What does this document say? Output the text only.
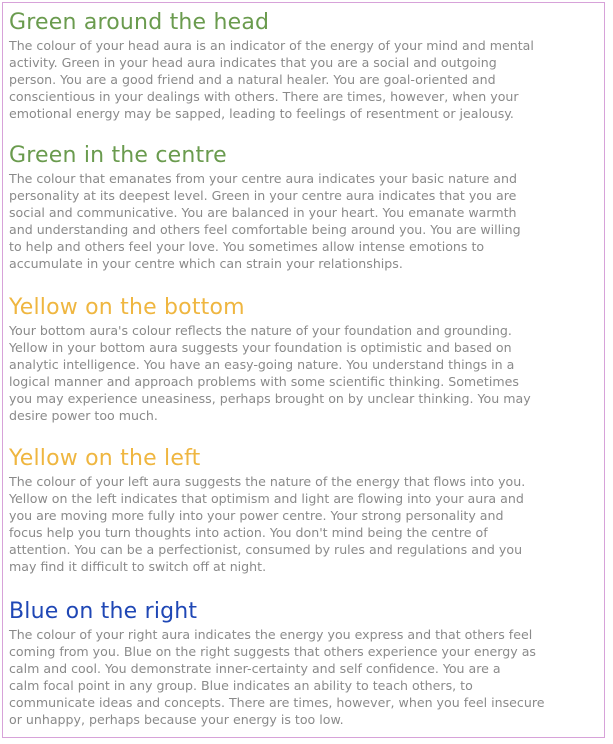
Green around the head

The colour of your head aura is an indicator of the energy of your mind and mental
activity. Green in your head aura indicates that you are a social and outgoing
person. You are a good friend and a natural healer. You are goal-oriented and
conscientious in your dealings with others. There are times, however, when your
emotional energy may be sapped, leading to feelings of resentment or jealousy.

Green in the centre

The colour that emanates from your centre aura indicates your basic nature and
personality at its deepest level. Green in your centre aura indicates that you are
social and communicative. You are balanced in your heart. You emanate warmth
and understanding and others feel comfortable being around you. You are willing
to help and others feel your love. You sometimes allow intense emotions to
accumulate in your centre which can strain your relationships.

Yellow on the bottom

Your bottom aura's colour reflects the nature of your foundation and grounding.
Yellow in your bottom aura suggests your foundation is optimistic and based on
analytic intelligence. You have an easy-going nature. You understand things in a
logical manner and approach problems with some scientific thinking. Sometimes
you may experience uneasiness, perhaps brought on by unclear thinking. You may
desire power too much.

Yellow on the left

The colour of your left aura suggests the nature of the energy that flows into you.
Yellow on the left indicates that optimism and light are flowing into your aura and
you are moving more fully into your power centre. Your strong personality and
focus help you turn thoughts into action. You don't mind being the centre of
attention. You can be a perfectionist, consumed by rules and regulations and you
may find it difficult to switch off at night.

Blue on the right

The colour of your right aura indicates the energy you express and that others feel
coming from you. Blue on the right suggests that others experience your energy as
calm and cool. You demonstrate inner-certainty and self confidence. You are a
calm focal point in any group. Blue indicates an ability to teach others, to
communicate ideas and concepts. There are times, however, when you feel insecure
or unhappy, perhaps because your energy is too low.
